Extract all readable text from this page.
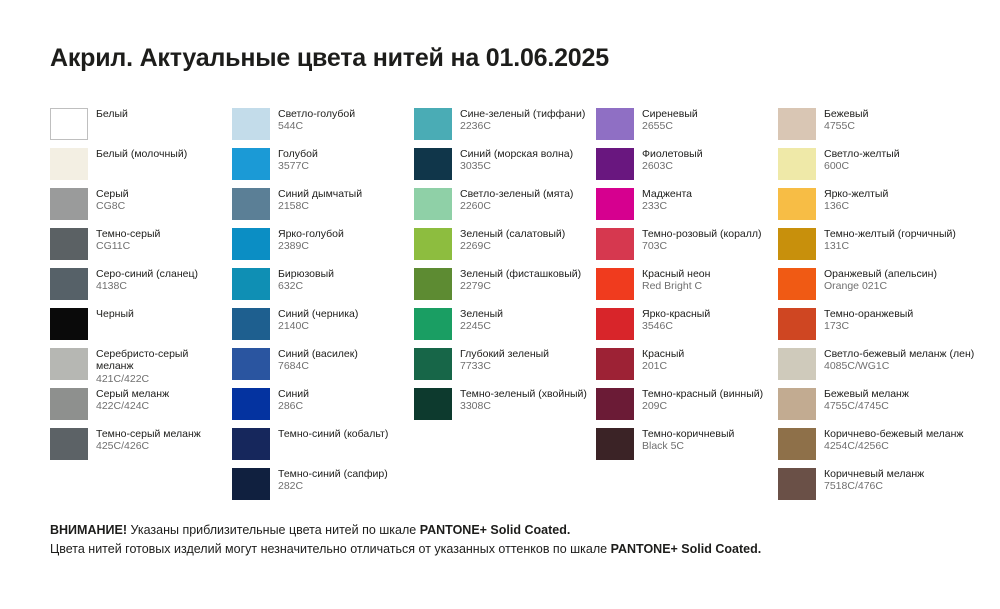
Акрил. Актуальные цвета нитей на 01.06.2025
Белый
Белый (молочный)
Серый
CG8C
Темно-серый
CG11C
Серо-синий (сланец)
4138C
Черный
Серебристо-серый меланж
421C/422C
Серый меланж
422C/424C
Темно-серый меланж
425C/426C
Светло-голубой
544C
Голубой
3577C
Синий дымчатый
2158C
Ярко-голубой
2389C
Бирюзовый
632C
Синий (черника)
2140C
Синий (василек)
7684C
Синий
286C
Темно-синий (кобальт)
Темно-синий (сапфир)
282C
Сине-зеленый (тиффани)
2236C
Синий (морская волна)
3035C
Светло-зеленый (мята)
2260C
Зеленый (салатовый)
2269C
Зеленый (фисташковый)
2279C
Зеленый
2245C
Глубокий зеленый
7733C
Темно-зеленый (хвойный)
3308C
Сиреневый
2655C
Фиолетовый
2603C
Маджента
233C
Темно-розовый (коралл)
703C
Красный неон
Red Bright C
Ярко-красный
3546C
Красный
201C
Темно-красный (винный)
209C
Темно-коричневый
Black 5C
Бежевый
4755C
Светло-желтый
600C
Ярко-желтый
136C
Темно-желтый (горчичный)
131C
Оранжевый (апельсин)
Orange 021C
Темно-оранжевый
173C
Светло-бежевый меланж (лен)
4085C/WG1C
Бежевый меланж
4755C/4745C
Коричнево-бежевый меланж
4254C/4256C
Коричневый меланж
7518C/476C
ВНИМАНИЕ! Указаны приблизительные цвета нитей по шкале PANTONE+ Solid Coated.
Цвета нитей готовых изделий могут незначительно отличаться от указанных оттенков по шкале PANTONE+ Solid Coated.
